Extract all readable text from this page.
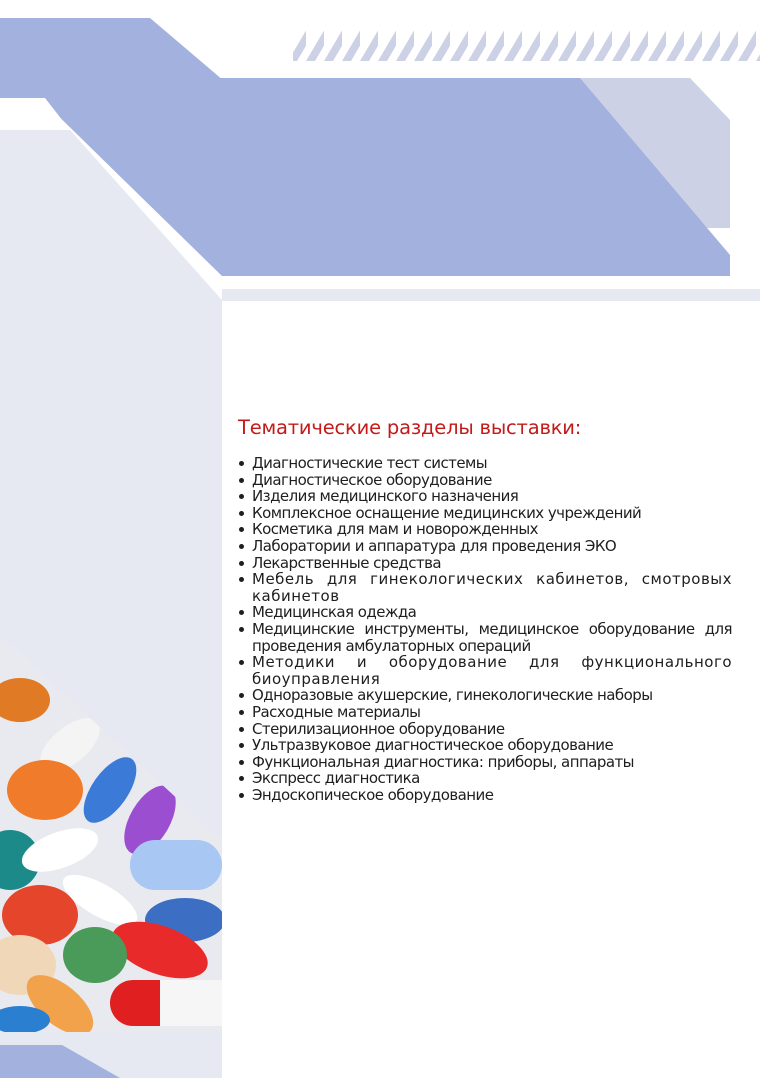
Тематические разделы выставки:
Диагностические тест системы
Диагностическое оборудование
Изделия медицинского назначения
Комплексное оснащение медицинских учреждений
Косметика для мам и новорожденных
Лаборатории и аппаратура для проведения ЭКО
Лекарственные средства
Мебель для гинекологических кабинетов, смотровых кабинетов
Медицинская одежда
Медицинские инструменты, медицинское оборудование для проведения амбулаторных операций
Методики и оборудование для функционального биоуправления
Одноразовые акушерские, гинекологические наборы
Расходные материалы
Стерилизационное оборудование
Ультразвуковое диагностическое оборудование
Функциональная диагностика: приборы, аппараты
Экспресс диагностика
Эндоскопическое оборудование
